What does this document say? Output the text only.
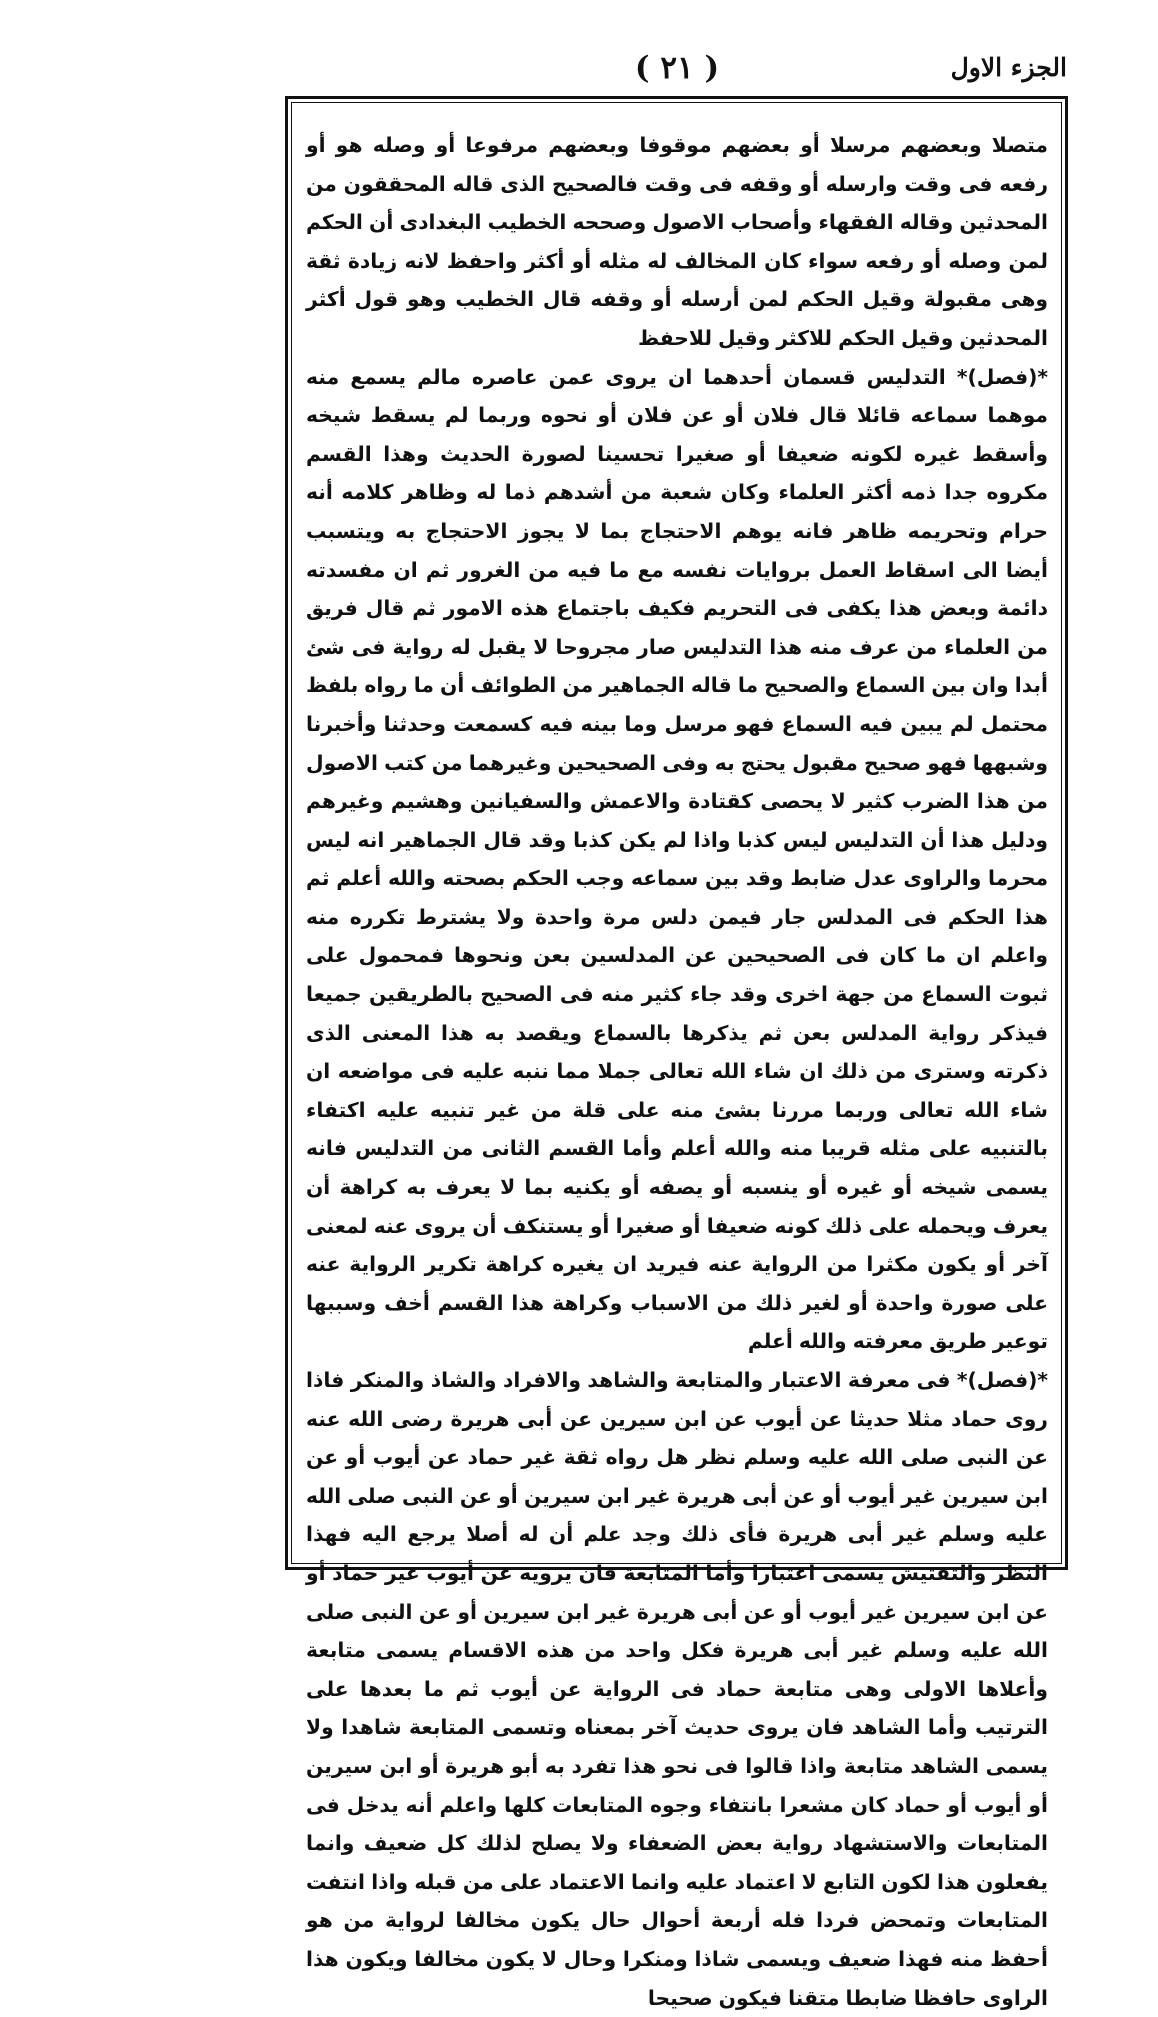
( ٢١ )	الجزء الاول

متصلا وبعضهم مرسلا أو بعضهم موقوفا وبعضهم مرفوعا أو وصله هو أو رفعه فى وقت وارسله أو وقفه فى وقت فالصحيح الذى قاله المحققون من المحدثين وقاله الفقهاء وأصحاب الاصول وصححه الخطيب البغدادى أن الحكم لمن وصله أو رفعه سواء كان المخالف له مثله أو أكثر واحفظ لانه زيادة ثقة وهى مقبولة وقيل الحكم لمن أرسله أو وقفه قال الخطيب وهو قول أكثر المحدثين وقيل الحكم للاكثر وقيل للاحفظ

*(فصل)* التدليس قسمان أحدهما ان يروى عمن عاصره مالم يسمع منه موهما سماعه قائلا قال فلان أو عن فلان أو نحوه وربما لم يسقط شيخه وأسقط غيره لكونه ضعيفا أو صغيرا تحسينا لصورة الحديث وهذا القسم مكروه جدا ذمه أكثر العلماء وكان شعبة من أشدهم ذما له وظاهر كلامه أنه حرام وتحريمه ظاهر فانه يوهم الاحتجاج بما لا يجوز الاحتجاج به ويتسبب أيضا الى اسقاط العمل بروايات نفسه مع ما فيه من الغرور ثم ان مفسدته دائمة وبعض هذا يكفى فى التحريم فكيف باجتماع هذه الامور ثم قال فريق من العلماء من عرف منه هذا التدليس صار مجروحا لا يقبل له رواية فى شئ أبدا وان بين السماع والصحيح ما قاله الجماهير من الطوائف أن ما رواه بلفظ محتمل لم يبين فيه السماع فهو مرسل وما بينه فيه كسمعت وحدثنا وأخبرنا وشبهها فهو صحيح مقبول يحتج به وفى الصحيحين وغيرهما من كتب الاصول من هذا الضرب كثير لا يحصى كقتادة والاعمش والسفيانين وهشيم وغيرهم ودليل هذا أن التدليس ليس كذبا واذا لم يكن كذبا وقد قال الجماهير انه ليس محرما والراوى عدل ضابط وقد بين سماعه وجب الحكم بصحته والله أعلم ثم هذا الحكم فى المدلس جار فيمن دلس مرة واحدة ولا يشترط تكرره منه واعلم ان ما كان فى الصحيحين عن المدلسين بعن ونحوها فمحمول على ثبوت السماع من جهة اخرى وقد جاء كثير منه فى الصحيح بالطريقين جميعا فيذكر رواية المدلس بعن ثم يذكرها بالسماع ويقصد به هذا المعنى الذى ذكرته وسترى من ذلك ان شاء الله تعالى جملا مما ننبه عليه فى مواضعه ان شاء الله تعالى وربما مررنا بشئ منه على قلة من غير تنبيه عليه اكتفاء بالتنبيه على مثله قريبا منه والله أعلم وأما القسم الثانى من التدليس فانه يسمى شيخه أو غيره أو ينسبه أو يصفه أو يكنيه بما لا يعرف به كراهة أن يعرف ويحمله على ذلك كونه ضعيفا أو صغيرا أو يستنكف أن يروى عنه لمعنى آخر أو يكون مكثرا من الرواية عنه فيريد ان يغيره كراهة تكرير الرواية عنه على صورة واحدة أو لغير ذلك من الاسباب وكراهة هذا القسم أخف وسببها توعير طريق معرفته والله أعلم

*(فصل)* فى معرفة الاعتبار والمتابعة والشاهد والافراد والشاذ والمنكر فاذا روى حماد مثلا حديثا عن أيوب عن ابن سيرين عن أبى هريرة رضى الله عنه عن النبى صلى الله عليه وسلم نظر هل رواه ثقة غير حماد عن أيوب أو عن ابن سيرين غير أيوب أو عن أبى هريرة غير ابن سيرين أو عن النبى صلى الله عليه وسلم غير أبى هريرة فأى ذلك وجد علم أن له أصلا يرجع اليه فهذا النظر والتفتيش يسمى اعتبارا وأما المتابعة فان يرويه عن أيوب غير حماد أو عن ابن سيرين غير أيوب أو عن أبى هريرة غير ابن سيرين أو عن النبى صلى الله عليه وسلم غير أبى هريرة فكل واحد من هذه الاقسام يسمى متابعة وأعلاها الاولى وهى متابعة حماد فى الرواية عن أيوب ثم ما بعدها على الترتيب وأما الشاهد فان يروى حديث آخر بمعناه وتسمى المتابعة شاهدا ولا يسمى الشاهد متابعة واذا قالوا فى نحو هذا تفرد به أبو هريرة أو ابن سيرين أو أيوب أو حماد كان مشعرا بانتفاء وجوه المتابعات كلها واعلم أنه يدخل فى المتابعات والاستشهاد رواية بعض الضعفاء ولا يصلح لذلك كل ضعيف وانما يفعلون هذا لكون التابع لا اعتماد عليه وانما الاعتماد على من قبله واذا انتفت المتابعات وتمحض فردا فله أربعة أحوال حال يكون مخالفا لرواية من هو أحفظ منه فهذا ضعيف ويسمى شاذا ومنكرا وحال لا يكون مخالفا ويكون هذا الراوى حافظا ضابطا متقنا فيكون صحيحا
